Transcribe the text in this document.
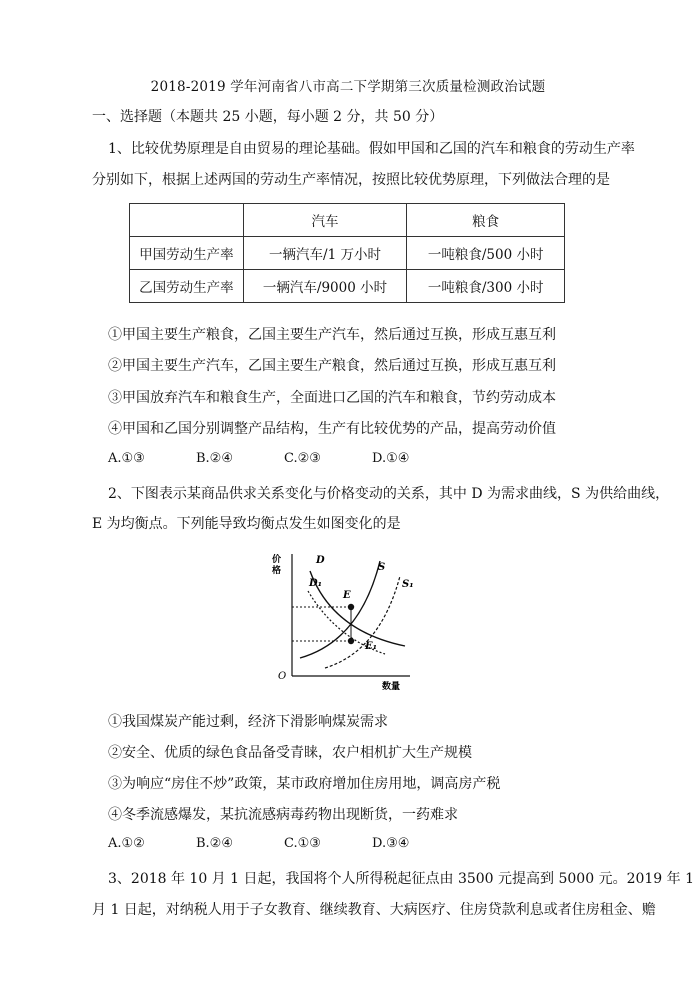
2018-2019 学年河南省八市高二下学期第三次质量检测政治试题
一、选择题（本题共 25 小题，每小题 2 分，共 50 分）
1、比较优势原理是自由贸易的理论基础。假如甲国和乙国的汽车和粮食的劳动生产率
分别如下，根据上述两国的劳动生产率情况，按照比较优势原理，下列做法合理的是
	汽车	粮食
甲国劳动生产率	一辆汽车/1 万小时	一吨粮食/500 小时
乙国劳动生产率	一辆汽车/9000 小时	一吨粮食/300 小时
①甲国主要生产粮食，乙国主要生产汽车，然后通过互换，形成互惠互利
②甲国主要生产汽车，乙国主要生产粮食，然后通过互换，形成互惠互利
③甲国放弃汽车和粮食生产，全面进口乙国的汽车和粮食，节约劳动成本
④甲国和乙国分别调整产品结构，生产有比较优势的产品，提高劳动价值
A.①③	B.②④	C.②③	D.①④
2、下图表示某商品供求关系变化与价格变动的关系，其中 D 为需求曲线，S 为供给曲线，
E 为均衡点。下列能导致均衡点发生如图变化的是
价
格
数量
O
D
D₁
S
S₁
E
E₁
①我国煤炭产能过剩，经济下滑影响煤炭需求
②安全、优质的绿色食品备受青睐，农户相机扩大生产规模
③为响应“房住不炒”政策，某市政府增加住房用地，调高房产税
④冬季流感爆发，某抗流感病毒药物出现断货，一药难求
A.①②	B.②④	C.①③	D.③④
3、2018 年 10 月 1 日起，我国将个人所得税起征点由 3500 元提高到 5000 元。2019 年 1
月 1 日起，对纳税人用于子女教育、继续教育、大病医疗、住房贷款利息或者住房租金、赡
